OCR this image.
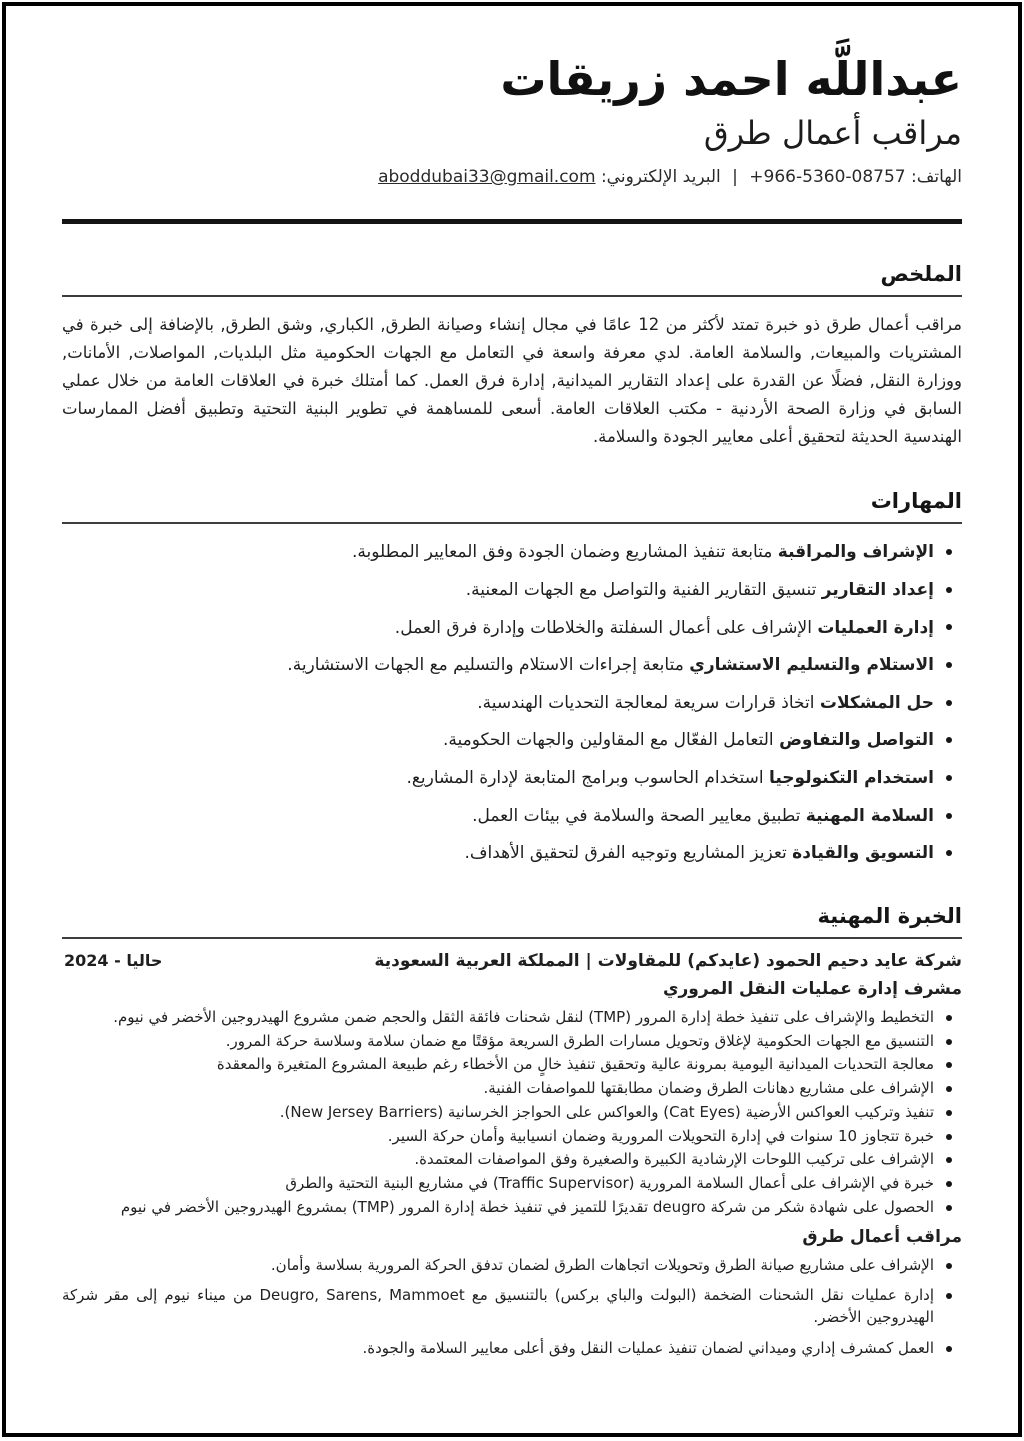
عبداللَّه احمد زريقات
مراقب أعمال طرق
الهاتف: +966-5360-08757 | البريد الإلكتروني: aboddubai33@gmail.com
الملخص

مراقب أعمال طرق ذو خبرة تمتد لأكثر من 12 عامًا في مجال إنشاء وصيانة الطرق, الكباري, وشق الطرق, بالإضافة إلى خبرة في المشتريات والمبيعات, والسلامة العامة. لدي معرفة واسعة في التعامل مع الجهات الحكومية مثل البلديات, المواصلات, الأمانات, ووزارة النقل, فضلًا عن القدرة على إعداد التقارير الميدانية, إدارة فرق العمل. كما أمتلك خبرة في العلاقات العامة من خلال عملي السابق في وزارة الصحة الأردنية - مكتب العلاقات العامة. أسعى للمساهمة في تطوير البنية التحتية وتطبيق أفضل الممارسات الهندسية الحديثة لتحقيق أعلى معايير الجودة والسلامة.

المهارات
الإشراف والمراقبة متابعة تنفيذ المشاريع وضمان الجودة وفق المعايير المطلوبة.
إعداد التقارير تنسيق التقارير الفنية والتواصل مع الجهات المعنية.
إدارة العمليات الإشراف على أعمال السفلتة والخلاطات وإدارة فرق العمل.
الاستلام والتسليم الاستشاري متابعة إجراءات الاستلام والتسليم مع الجهات الاستشارية.
حل المشكلات اتخاذ قرارات سريعة لمعالجة التحديات الهندسية.
التواصل والتفاوض التعامل الفعّال مع المقاولين والجهات الحكومية.
استخدام التكنولوجيا استخدام الحاسوب وبرامج المتابعة لإدارة المشاريع.
السلامة المهنية تطبيق معايير الصحة والسلامة في بيئات العمل.
التسويق والقيادة تعزيز المشاريع وتوجيه الفرق لتحقيق الأهداف.
الخبرة المهنية
شركة عايد دحيم الحمود (عايدكم) للمقاولات | المملكة العربية السعودية
حاليا - 2024

مشرف إدارة عمليات النقل المروري

التخطيط والإشراف على تنفيذ خطة إدارة المرور (TMP) لنقل شحنات فائقة الثقل والحجم ضمن مشروع الهيدروجين الأخضر في نيوم.
التنسيق مع الجهات الحكومية لإغلاق وتحويل مسارات الطرق السريعة مؤقتًا مع ضمان سلامة وسلاسة حركة المرور.
معالجة التحديات الميدانية اليومية بمرونة عالية وتحقيق تنفيذ خالٍ من الأخطاء رغم طبيعة المشروع المتغيرة والمعقدة
الإشراف على مشاريع دهانات الطرق وضمان مطابقتها للمواصفات الفنية.
تنفيذ وتركيب العواكس الأرضية (Cat Eyes) والعواكس على الحواجز الخرسانية (New Jersey Barriers).
خبرة تتجاوز 10 سنوات في إدارة التحويلات المرورية وضمان انسيابية وأمان حركة السير.
الإشراف على تركيب اللوحات الإرشادية الكبيرة والصغيرة وفق المواصفات المعتمدة.
خبرة في الإشراف على أعمال السلامة المرورية (Traffic Supervisor) في مشاريع البنية التحتية والطرق
الحصول على شهادة شكر من شركة deugro تقديرًا للتميز في تنفيذ خطة إدارة المرور (TMP) بمشروع الهيدروجين الأخضر في نيوم

مراقب أعمال طرق

الإشراف على مشاريع صيانة الطرق وتحويلات اتجاهات الطرق لضمان تدفق الحركة المرورية بسلاسة وأمان.
إدارة عمليات نقل الشحنات الضخمة (البولت والباي بركس) بالتنسيق مع Deugro, Sarens, Mammoet من ميناء نيوم إلى مقر شركة الهيدروجين الأخضر.
العمل كمشرف إداري وميداني لضمان تنفيذ عمليات النقل وفق أعلى معايير السلامة والجودة.
